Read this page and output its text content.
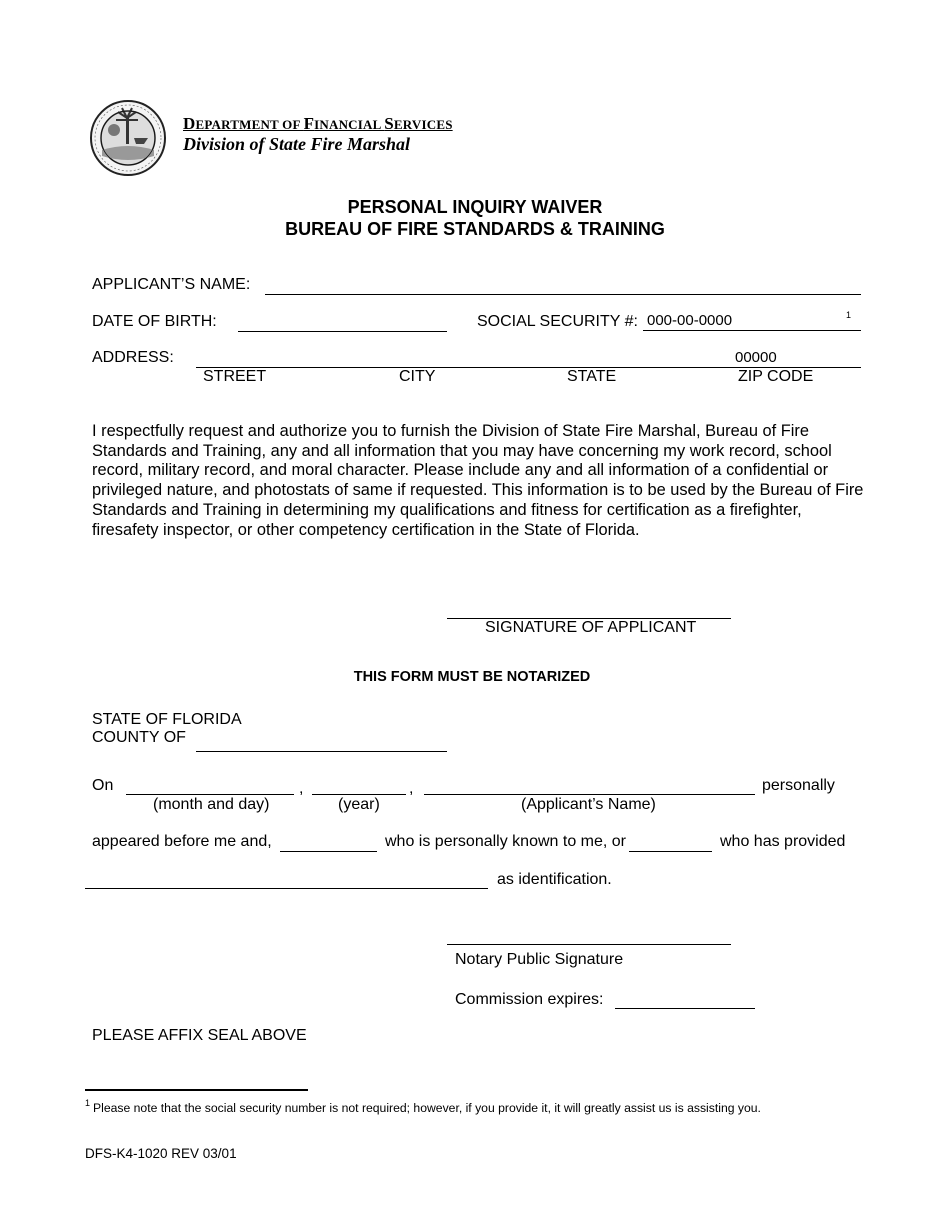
DEPARTMENT OF FINANCIAL SERVICES
Division of State Fire Marshal
PERSONAL INQUIRY WAIVER
BUREAU OF FIRE STANDARDS & TRAINING
APPLICANT’S NAME:
DATE OF BIRTH:	SOCIAL SECURITY #:
000-00-0000	1
ADDRESS:
00000
STREET	CITY	STATE	ZIP CODE
I respectfully request and authorize you to furnish the Division of State Fire Marshal, Bureau of Fire Standards and Training, any and all information that you may have concerning my work record, school record, military record, and moral character. Please include any and all information of a confidential or privileged nature, and photostats of same if requested. This information is to be used by the Bureau of Fire Standards and Training in determining my qualifications and fitness for certification as a firefighter, firesafety inspector, or other competency certification in the State of Florida.
SIGNATURE OF APPLICANT
THIS FORM MUST BE NOTARIZED
STATE OF FLORIDA
COUNTY OF
On	,	,	personally
(month and day)	(year)	(Applicant’s Name)
appeared before me and,	who is personally known to me, or	who has provided
as identification.
Notary Public Signature
Commission expires:
PLEASE AFFIX SEAL ABOVE
1 Please note that the social security number is not required; however, if you provide it, it will greatly assist us is assisting you.
DFS-K4-1020 REV 03/01
